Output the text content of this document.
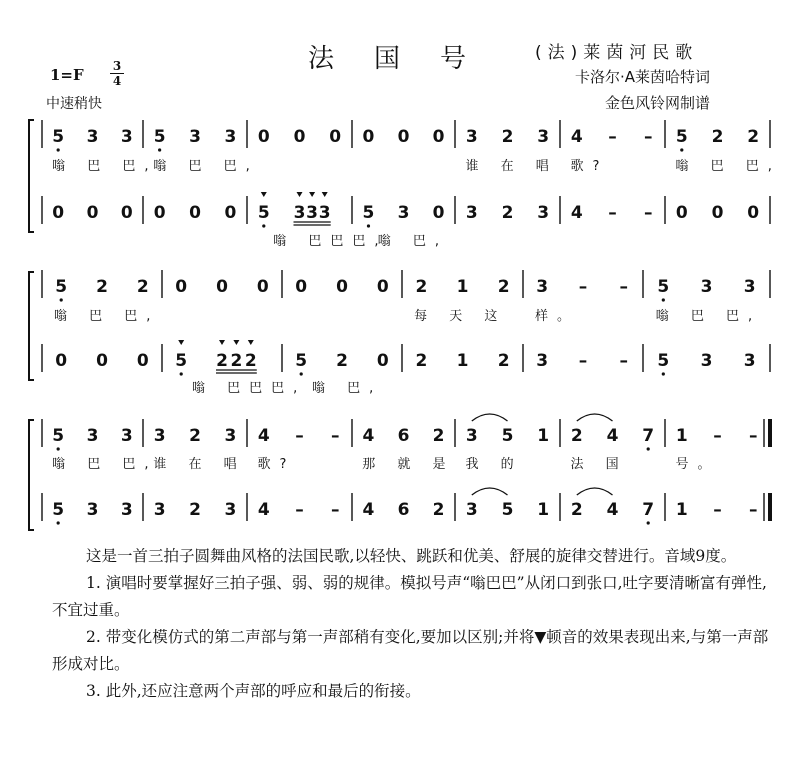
法国号 (法)莱茵河民歌
卡洛尔·A莱茵哈特词
金色风铃网制谱
1=F 3
4
中速稍快
5 3 3
嗡 巴 巴,
5 3 3
嗡 巴 巴,
0 0 0 0 0 0 3 2 3
谁 在 唱
4 – –
歌?
5 2 2
嗡 巴 巴,
0 0 0 0 0 0 5 3 3 3
嗡 巴巴巴,
5 3 0
嗡 巴,
3 2 3 4 – – 0 0 0
5 2 2
嗡 巴 巴,
0 0 0 0 0 0 2 1 2
每 天 这
3 – –
样。
5 3 3
嗡 巴 巴,
0 0 0 5 2 2 2
嗡 巴巴巴,
5 2 0
嗡 巴,
2 1 2 3 – – 5 3 3
5 3 3
嗡 巴 巴,
3 2 3
谁 在 唱
4 – –
歌?
4 6 2
那 就 是
3 5 1
我 的
2 4 7
法 国
1 – –
号。
5 3 3 3 2 3 4 – – 4 6 2 3 5 1 2 4 7 1 – –

这是一首三拍子圆舞曲风格的法国民歌,以轻快、跳跃和优美、舒展的旋律交替进行。音域9度。

1. 演唱时要掌握好三拍子强、弱、弱的规律。模拟号声“嗡巴巴”从闭口到张口,吐字要清晰富有弹性,不宜过重。

2. 带变化模仿式的第二声部与第一声部稍有变化,要加以区别;并将▼顿音的效果表现出来,与第一声部形成对比。

3. 此外,还应注意两个声部的呼应和最后的衔接。
